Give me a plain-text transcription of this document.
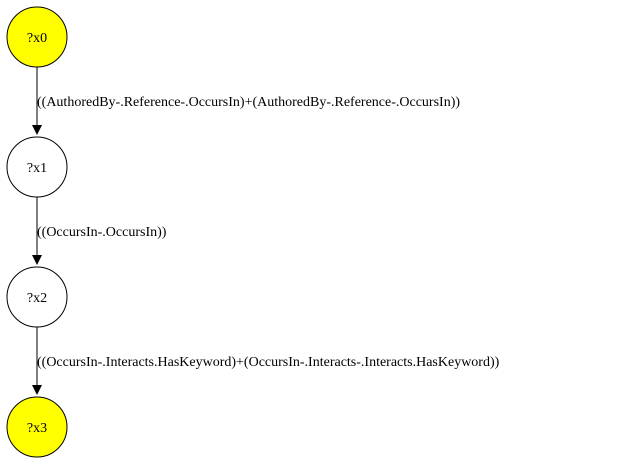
((AuthoredBy-.Reference-.OccursIn)+(AuthoredBy-.Reference-.OccursIn))
((OccursIn-.OccursIn))
((OccursIn-.Interacts.HasKeyword)+(OccursIn-.Interacts-.Interacts.HasKeyword))
?x0
?x1
?x2
?x3
